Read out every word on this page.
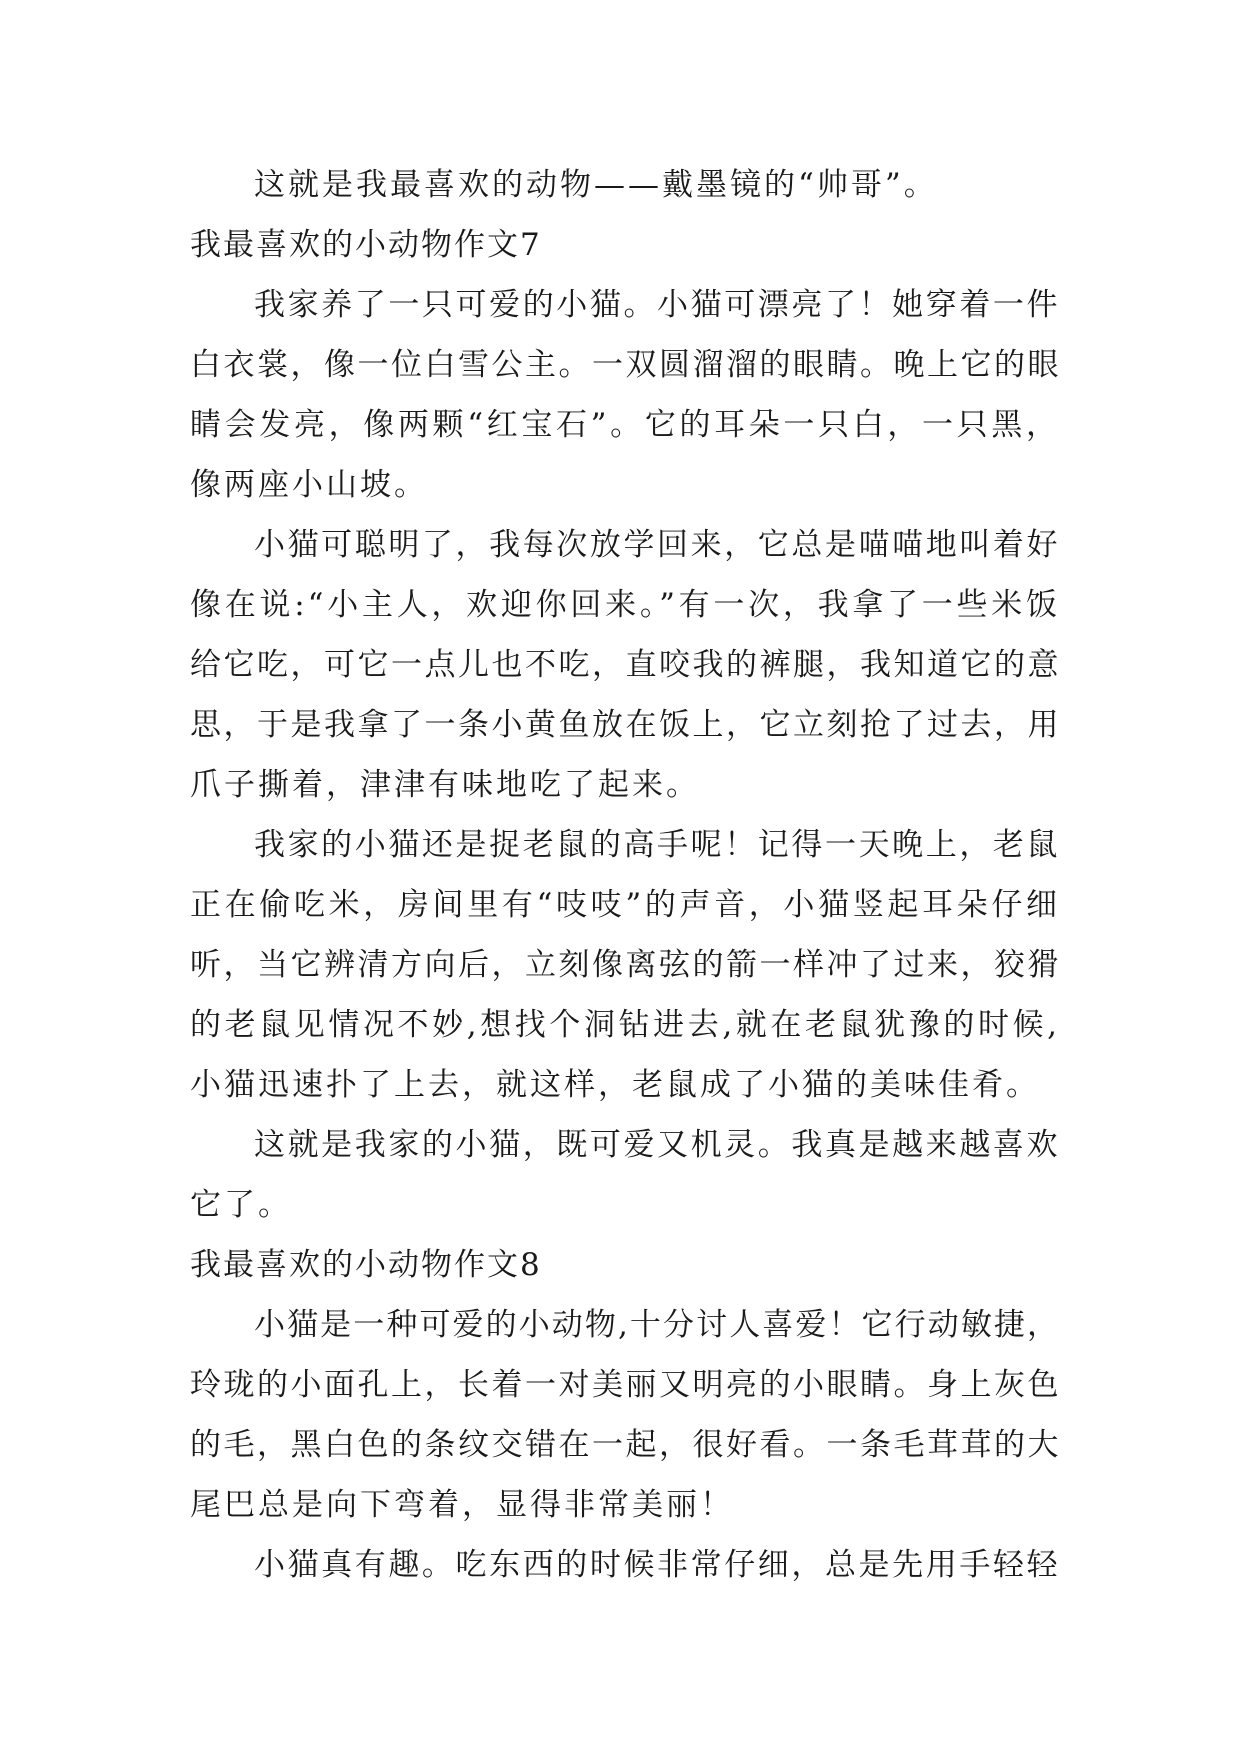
这就是我最喜欢的动物——戴墨镜的“帅哥”。
我最喜欢的小动物作文7
我家养了一只可爱的小猫。小猫可漂亮了！她穿着一件
白衣裳，像一位白雪公主。一双圆溜溜的眼睛。晚上它的眼
睛会发亮，像两颗“红宝石”。它的耳朵一只白，一只黑，
像两座小山坡。
小猫可聪明了，我每次放学回来，它总是喵喵地叫着好
像在说:“小主人，欢迎你回来。”有一次，我拿了一些米饭
给它吃，可它一点儿也不吃，直咬我的裤腿，我知道它的意
思，于是我拿了一条小黄鱼放在饭上，它立刻抢了过去，用
爪子撕着，津津有味地吃了起来。
我家的小猫还是捉老鼠的高手呢！记得一天晚上，老鼠
正在偷吃米，房间里有“吱吱”的声音，小猫竖起耳朵仔细
听，当它辨清方向后，立刻像离弦的箭一样冲了过来，狡猾
的老鼠见情况不妙,想找个洞钻进去,就在老鼠犹豫的时候,
小猫迅速扑了上去，就这样，老鼠成了小猫的美味佳肴。
这就是我家的小猫，既可爱又机灵。我真是越来越喜欢
它了。
我最喜欢的小动物作文8
小猫是一种可爱的小动物,十分讨人喜爱！它行动敏捷，
玲珑的小面孔上，长着一对美丽又明亮的小眼睛。身上灰色
的毛，黑白色的条纹交错在一起，很好看。一条毛茸茸的大
尾巴总是向下弯着，显得非常美丽！
小猫真有趣。吃东西的时候非常仔细，总是先用手轻轻
